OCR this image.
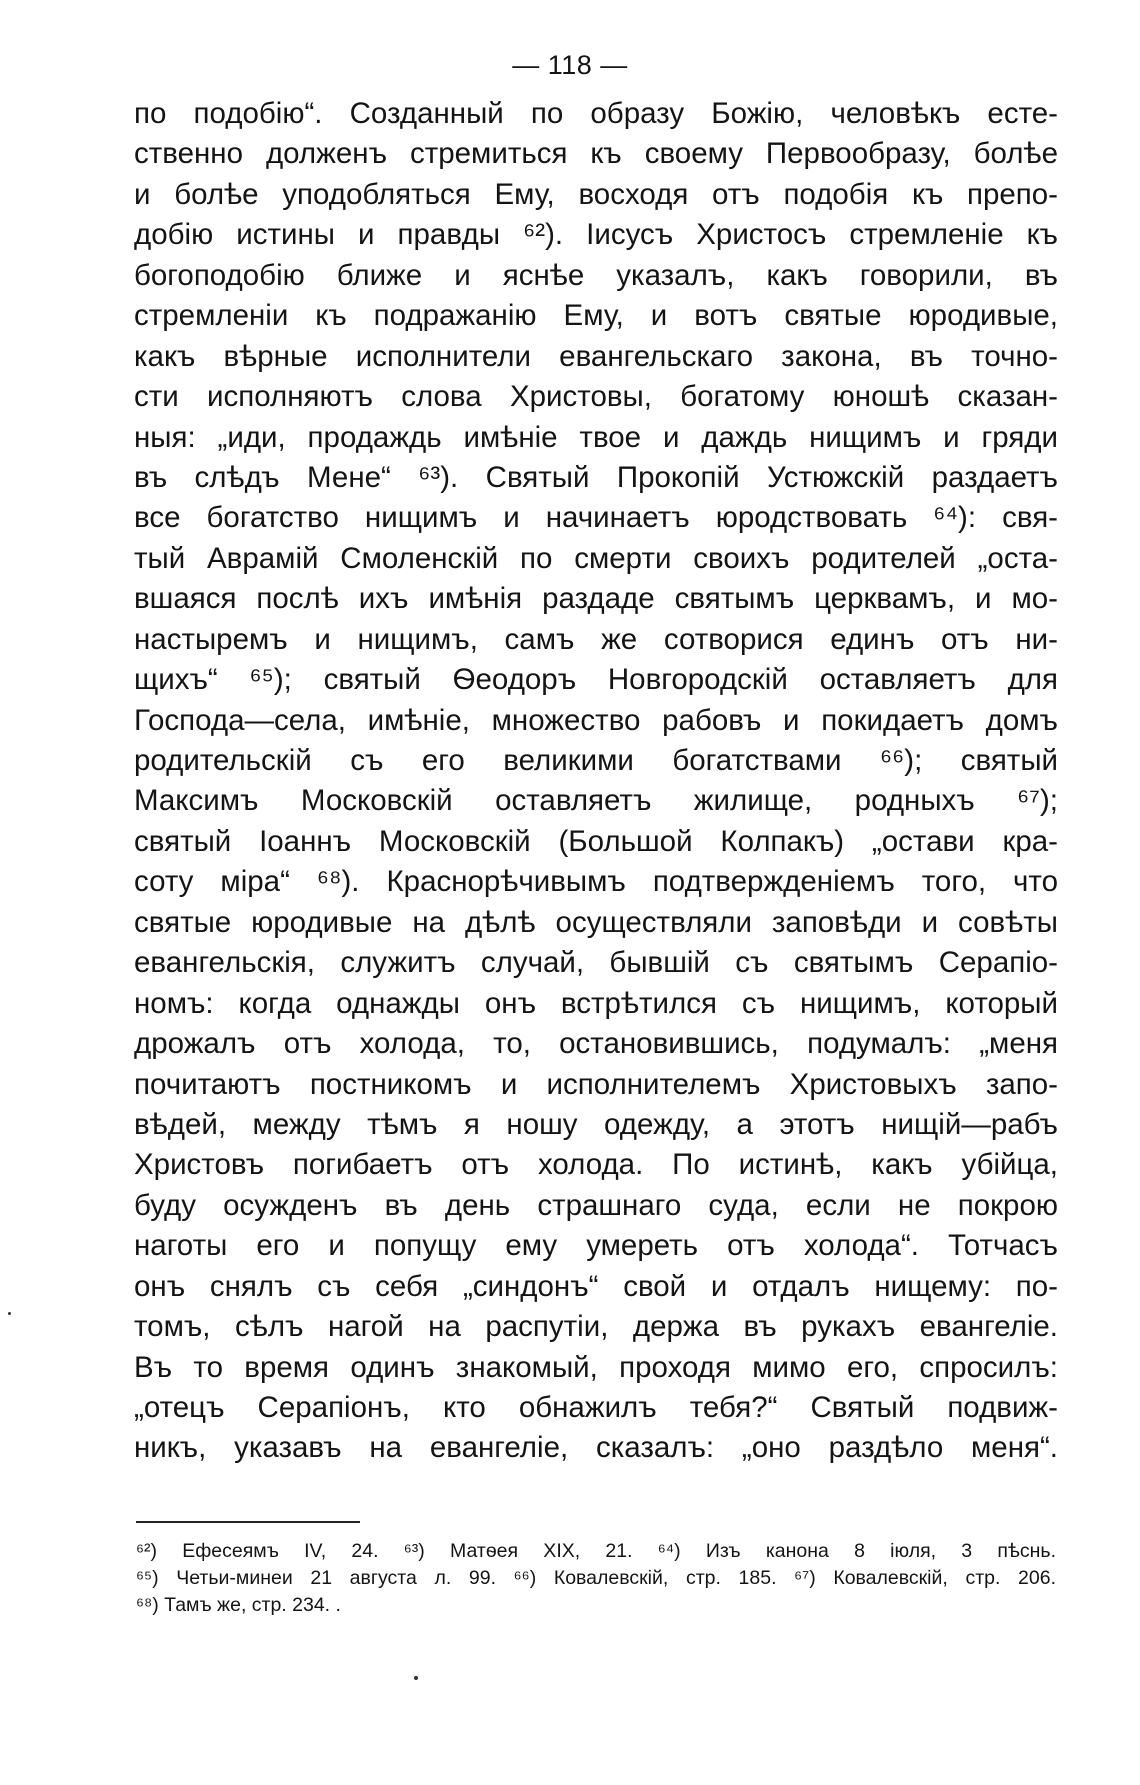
— 118 —
по подобію“. Созданный по образу Божію, человѣкъ есте-
ственно долженъ стремиться къ своему Первообразу, болѣе
и болѣе уподобляться Ему, восходя отъ подобія къ препо-
добію истины и правды ⁶²). Іисусъ Христосъ стремленіе къ
богоподобію ближе и яснѣе указалъ, какъ говорили, въ
стремленіи къ подражанію Ему, и вотъ святые юродивые,
какъ вѣрные исполнители евангельскаго закона, въ точно-
сти исполняютъ слова Христовы, богатому юношѣ сказан-
ныя: „иди, продаждь имѣніе твое и даждь нищимъ и гряди
въ слѣдъ Мене“ ⁶³). Святый Прокопій Устюжскій раздаетъ
все богатство нищимъ и начинаетъ юродствовать ⁶⁴): свя-
тый Аврамій Смоленскій по смерти своихъ родителей „оста-
вшаяся послѣ ихъ имѣнія раздаде святымъ церквамъ, и мо-
настыремъ и нищимъ, самъ же сотворися единъ отъ ни-
щихъ“ ⁶⁵); святый Ѳеодоръ Новгородскій оставляетъ для
Господа—села, имѣніе, множество рабовъ и покидаетъ домъ
родительскій съ его великими богатствами ⁶⁶); святый
Максимъ Московскій оставляетъ жилище, родныхъ ⁶⁷);
святый Іоаннъ Московскій (Большой Колпакъ) „остави кра-
соту міра“ ⁶⁸). Краснорѣчивымъ подтвержденіемъ того, что
святые юродивые на дѣлѣ осуществляли заповѣди и совѣты
евангельскія, служитъ случай, бывшій съ святымъ Серапіо-
номъ: когда однажды онъ встрѣтился съ нищимъ, который
дрожалъ отъ холода, то, остановившись, подумалъ: „меня
почитаютъ постникомъ и исполнителемъ Христовыхъ запо-
вѣдей, между тѣмъ я ношу одежду, а этотъ нищій—рабъ
Христовъ погибаетъ отъ холода. По истинѣ, какъ убійца,
буду осужденъ въ день страшнаго суда, если не покрою
наготы его и попущу ему умереть отъ холода“. Тотчасъ
онъ снялъ съ себя „синдонъ“ свой и отдалъ нищему: по-
томъ, сѣлъ нагой на распутіи, держа въ рукахъ евангеліе.
Въ то время одинъ знакомый, проходя мимо его, спросилъ:
„отецъ Серапіонъ, кто обнажилъ тебя?“ Святый подвиж-
никъ, указавъ на евангеліе, сказалъ: „оно раздѣло меня“.
⁶²) Ефесеямъ IV, 24. ⁶³) Матѳея XIX, 21. ⁶⁴) Изъ канона 8 іюля, 3 пѣснь.
⁶⁵) Четьи-минеи 21 августа л. 99. ⁶⁶) Ковалевскій, стр. 185. ⁶⁷) Ковалевскій, стр. 206.
⁶⁸) Тамъ же, стр. 234. .
